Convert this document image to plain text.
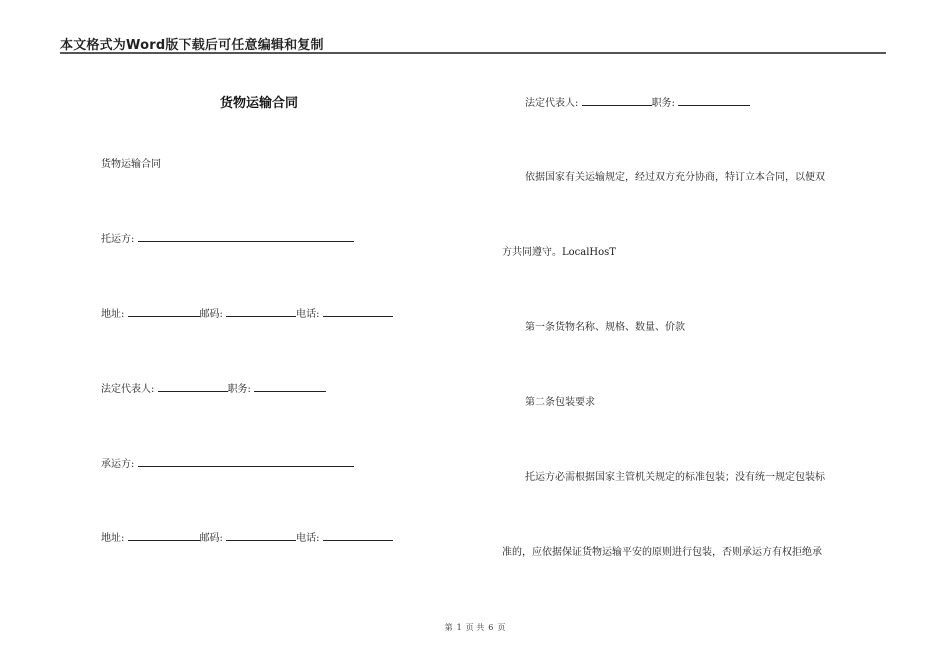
本文格式为Word版下载后可任意编辑和复制
货物运输合同
货物运输合同
托运方:
地址:	邮码:	电话:
法定代表人:	职务:
承运方:
地址:	邮码:	电话:
法定代表人:	职务:
依据国家有关运输规定，经过双方充分协商，特订立本合同，以便双
方共同遵守。LocalHosT
第一条货物名称、规格、数量、价款
第二条包装要求
托运方必需根据国家主管机关规定的标准包装；没有统一规定包装标
准的，应依据保证货物运输平安的原则进行包装，否则承运方有权拒绝承
第 1 页 共 6 页
